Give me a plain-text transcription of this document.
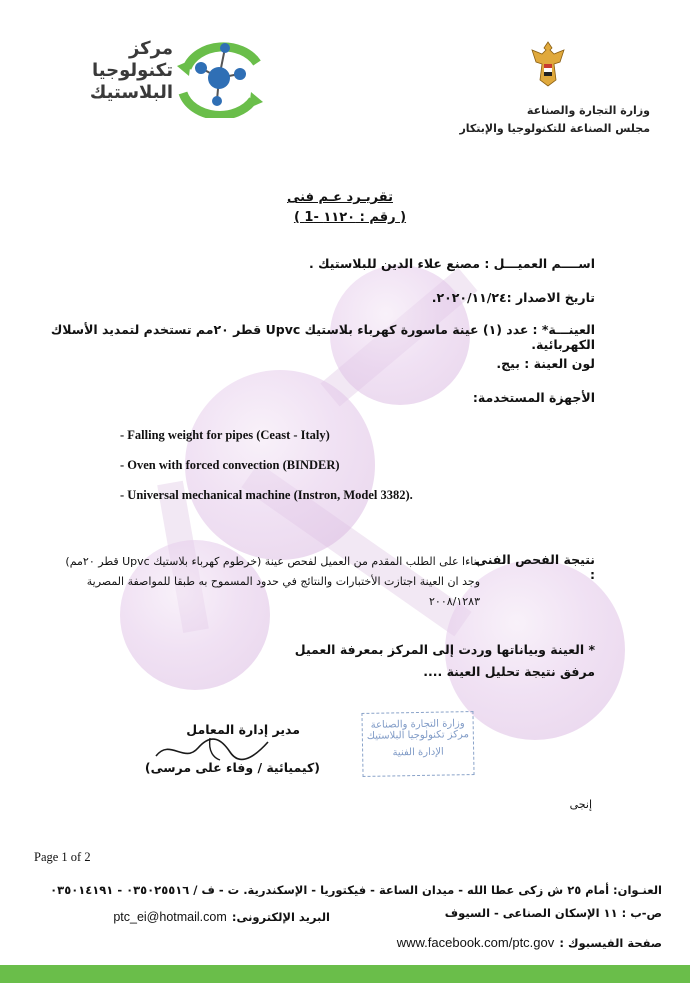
مركز
تكنولوجيا
البلاستيك
وزارة التجارة والصناعة
مجلس الصناعة للتكنولوجيا والإبتكار
تقريـرد عـم فنى
( رقم : ١١٢٠ -1 )
اســــم العميـــل : مصنع علاء الدين للبلاستيك .
تاريخ الاصدار :٢٠٢٠/١١/٢٤.
العينـــة* : عدد (١) عينة ماسورة كهرباء بلاستيك Upvc قطر ٢٠مم تستخدم لتمديد الأسلاك الكهربائية.
لون العينة : بيج.
الأجهزة المستخدمة:
- Falling weight for pipes (Ceast - Italy)
- Oven with forced convection (BINDER)
- Universal mechanical machine (Instron, Model 3382).
نتيجة الفحص الفنى :
بناءا على الطلب المقدم من العميل لفحص عينة (خرطوم كهرباء بلاستيك Upvc قطر ٢٠مم)
وجد ان العينة اجتازت الأختبارات والنتائج في حدود المسموح به طبقا للمواصفة المصرية
٢٠٠٨/١٢٨٣
* العينة وبياناتها وردت إلى المركز بمعرفة العميل
مرفق نتيجة تحليل العينة ....
مدير إدارة المعامل
(كيميائية / وفاء على مرسى)
وزارة التجارة والصناعة
مركز تكنولوجيا البلاستيك
الإدارة الفنية
إنجى
Page 1 of 2
العنـوان: أمام ٢٥ ش زكى عطا الله - ميدان الساعة - فيكتوريا - الإسكندرية. ت - ف / ٠٣٥٠٢٥٥١٦ - ٠٣٥٠١٤١٩١
ص-ب : ١١ الإسكان الصناعى - السيوف
البريد الإلكترونى: ptc_ei@hotmail.com
صفحة الفيسبوك : www.facebook.com/ptc.gov
